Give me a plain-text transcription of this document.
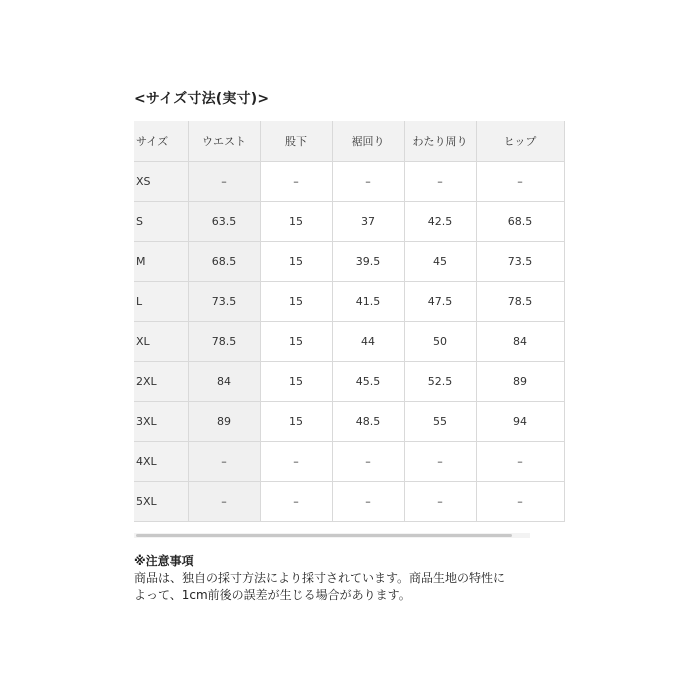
<サイズ寸法(実寸)>
サイズ	ウエスト	股下	裾回り	わたり周り	ヒップ
XS	–	–	–	–	–
S	63.5	15	37	42.5	68.5
M	68.5	15	39.5	45	73.5
L	73.5	15	41.5	47.5	78.5
XL	78.5	15	44	50	84
2XL	84	15	45.5	52.5	89
3XL	89	15	48.5	55	94
4XL	–	–	–	–	–
5XL	–	–	–	–	–
※注意事項
商品は、独自の採寸方法により採寸されています。商品生地の特性に
よって、1cm前後の誤差が生じる場合があります。
